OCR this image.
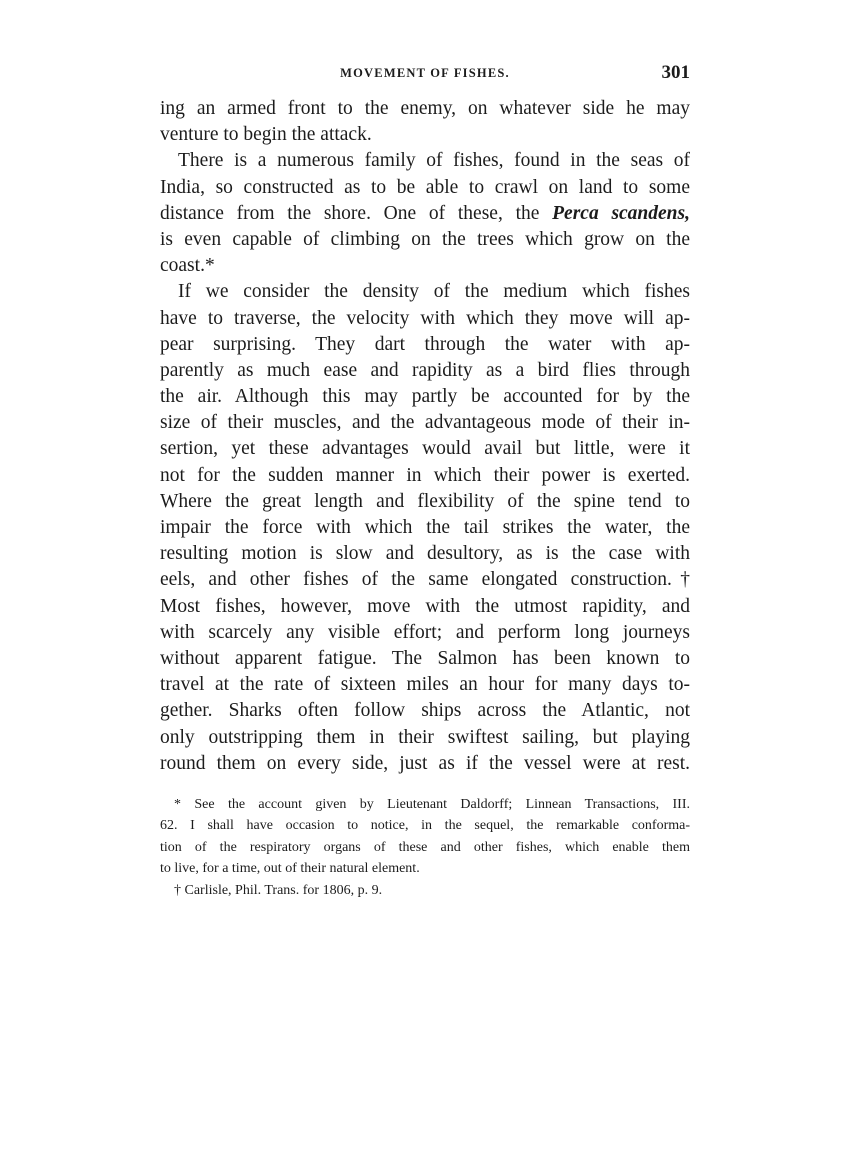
MOVEMENT OF FISHES.	301
ing an armed front to the enemy, on whatever side he may
venture to begin the attack.
There is a numerous family of fishes, found in the seas of
India, so constructed as to be able to crawl on land to some
distance from the shore. One of these, the Perca scandens,
is even capable of climbing on the trees which grow on the
coast.*
If we consider the density of the medium which fishes
have to traverse, the velocity with which they move will ap-
pear surprising. They dart through the water with ap-
parently as much ease and rapidity as a bird flies through
the air. Although this may partly be accounted for by the
size of their muscles, and the advantageous mode of their in-
sertion, yet these advantages would avail but little, were it
not for the sudden manner in which their power is exerted.
Where the great length and flexibility of the spine tend to
impair the force with which the tail strikes the water, the
resulting motion is slow and desultory, as is the case with
eels, and other fishes of the same elongated construction.†
Most fishes, however, move with the utmost rapidity, and
with scarcely any visible effort; and perform long journeys
without apparent fatigue. The Salmon has been known to
travel at the rate of sixteen miles an hour for many days to-
gether. Sharks often follow ships across the Atlantic, not
only outstripping them in their swiftest sailing, but playing
round them on every side, just as if the vessel were at rest.
* See the account given by Lieutenant Daldorff; Linnean Transactions, III.
62. I shall have occasion to notice, in the sequel, the remarkable conforma-
tion of the respiratory organs of these and other fishes, which enable them
to live, for a time, out of their natural element.
† Carlisle, Phil. Trans. for 1806, p. 9.
